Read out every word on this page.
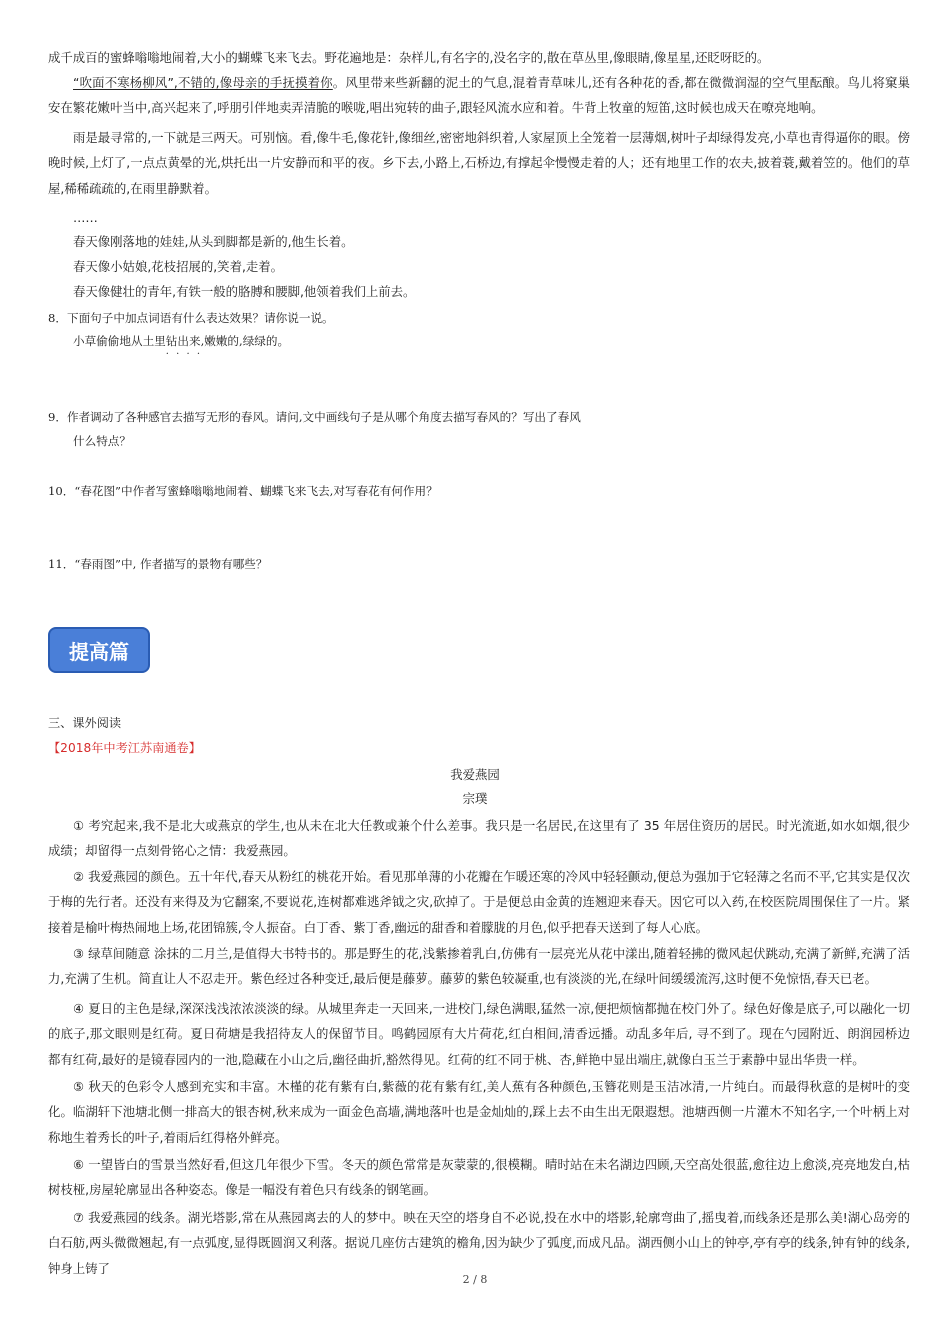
成千成百的蜜蜂嗡嗡地闹着,大小的蝴蝶飞来飞去。野花遍地是：杂样儿,有名字的,没名字的,散在草丛里,像眼睛,像星星,还眨呀眨的。

“吹面不寒杨柳风”,不错的,像母亲的手抚摸着你。风里带来些新翻的泥土的气息,混着青草味儿,还有各种花的香,都在微微润湿的空气里酝酿。鸟儿将窠巢安在繁花嫩叶当中,高兴起来了,呼朋引伴地卖弄清脆的喉咙,唱出宛转的曲子,跟轻风流水应和着。牛背上牧童的短笛,这时候也成天在嘹亮地响。

雨是最寻常的,一下就是三两天。可别恼。看,像牛毛,像花针,像细丝,密密地斜织着,人家屋顶上全笼着一层薄烟,树叶子却绿得发亮,小草也青得逼你的眼。傍晚时候,上灯了,一点点黄晕的光,烘托出一片安静而和平的夜。乡下去,小路上,石桥边,有撑起伞慢慢走着的人；还有地里工作的农夫,披着蓑,戴着笠的。他们的草屋,稀稀疏疏的,在雨里静默着。

……
春天像刚落地的娃娃,从头到脚都是新的,他生长着。
春天像小姑娘,花枝招展的,笑着,走着。
春天像健壮的青年,有铁一般的胳膊和腰脚,他领着我们上前去。
8．下面句子中加点词语有什么表达效果？请你说一说。
小草偷偷地从土里钻出来 · · · ·,嫩嫩的,绿绿的。
9．作者调动了各种感官去描写无形的春风。请问,文中画线句子是从哪个角度去描写春风的？写出了春风
什么特点？
10．“春花图”中作者写蜜蜂嗡嗡地闹着、蝴蝶飞来飞去,对写春花有何作用？
11．“春雨图”中, 作者描写的景物有哪些？
提高篇
三、课外阅读
【2018年中考江苏南通卷】
我爱燕园
宗璞

① 考究起来,我不是北大或燕京的学生,也从未在北大任教或兼个什么差事。我只是一名居民,在这里有了 35 年居住资历的居民。时光流逝,如水如烟,很少成绩；却留得一点刻骨铭心之情：我爱燕园。

② 我爱燕园的颜色。五十年代,春天从粉红的桃花开始。看见那单薄的小花瓣在乍暖还寒的冷风中轻轻颤动,便总为强加于它轻薄之名而不平,它其实是仅次于梅的先行者。还没有来得及为它翻案,不要说花,连树都难逃斧钺之灾,砍掉了。于是便总由金黄的连翘迎来春天。因它可以入药,在校医院周围保住了一片。紧接着是榆叶梅热闹地上场,花团锦簇,令人振奋。白丁香、紫丁香,幽远的甜香和着朦胧的月色,似乎把春天送到了每人心底。

③ 绿草间随意 涂抹的二月兰,是值得大书特书的。那是野生的花,浅紫掺着乳白,仿佛有一层亮光从花中漾出,随着轻拂的微风起伏跳动,充满了新鲜,充满了活力,充满了生机。简直让人不忍走开。紫色经过各种变迁,最后便是藤萝。藤萝的紫色较凝重,也有淡淡的光,在绿叶间缓缓流泻,这时便不免惊悟,春天已老。

④ 夏日的主色是绿,深深浅浅浓浓淡淡的绿。从城里奔走一天回来,一进校门,绿色满眼,猛然一凉,便把烦恼都抛在校门外了。绿色好像是底子,可以融化一切的底子,那文眼则是红荷。夏日荷塘是我招待友人的保留节目。鸣鹤园原有大片荷花,红白相间,清香远播。动乱多年后, 寻不到了。现在勺园附近、朗润园桥边都有红荷,最好的是镜春园内的一池,隐藏在小山之后,幽径曲折,豁然得见。红荷的红不同于桃、杏,鲜艳中显出端庄,就像白玉兰于素静中显出华贵一样。

⑤ 秋天的色彩令人感到充实和丰富。木槿的花有紫有白,紫薇的花有紫有红,美人蕉有各种颜色,玉簪花则是玉洁冰清,一片纯白。而最得秋意的是树叶的变化。临湖轩下池塘北侧一排高大的银杏树,秋来成为一面金色高墙,满地落叶也是金灿灿的,踩上去不由生出无限遐想。池塘西侧一片灌木不知名字,一个叶柄上对称地生着秀长的叶子,着雨后红得格外鲜亮。

⑥ 一望皆白的雪景当然好看,但这几年很少下雪。冬天的颜色常常是灰蒙蒙的,很模糊。晴时站在未名湖边四顾,天空高处很蓝,愈往边上愈淡,亮亮地发白,枯树枝桠,房屋轮廓显出各种姿态。像是一幅没有着色只有线条的钢笔画。

⑦ 我爱燕园的线条。湖光塔影,常在从燕园离去的人的梦中。映在天空的塔身自不必说,投在水中的塔影,轮廓弯曲了,摇曳着,而线条还是那么美!湖心岛旁的白石舫,两头微微翘起,有一点弧度,显得既圆润又利落。据说几座仿古建筑的檐角,因为缺少了弧度,而成凡品。湖西侧小山上的钟亭,亭有亭的线条,钟有钟的线条,钟身上铸了

2 / 8
